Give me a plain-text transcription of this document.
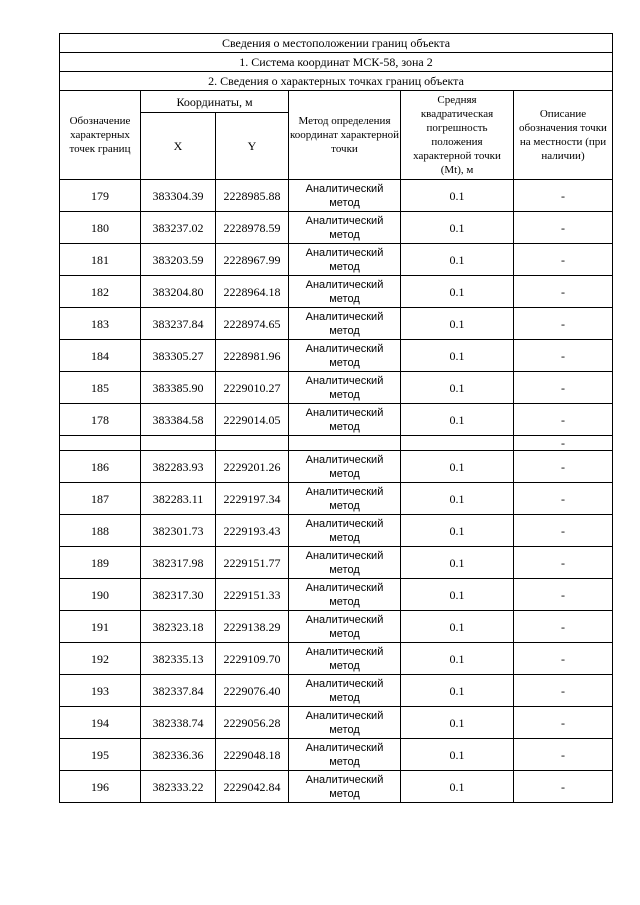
Сведения о местоположении границ объекта					
1. Система координат МСК-58, зона 2					
2. Сведения о характерных точках границ объекта					
Обозначение характерных точек границ	Координаты, м		Метод определения координат характерной точки	Средняя квадратическая погрешность положения характерной точки (Mt), м	Описание обозначения точки на местности (при наличии)
	X	Y			
179	383304.39	2228985.88	Аналитический метод	0.1	-
180	383237.02	2228978.59	Аналитический метод	0.1	-
181	383203.59	2228967.99	Аналитический метод	0.1	-
182	383204.80	2228964.18	Аналитический метод	0.1	-
183	383237.84	2228974.65	Аналитический метод	0.1	-
184	383305.27	2228981.96	Аналитический метод	0.1	-
185	383385.90	2229010.27	Аналитический метод	0.1	-
178	383384.58	2229014.05	Аналитический метод	0.1	-
					-
186	382283.93	2229201.26	Аналитический метод	0.1	-
187	382283.11	2229197.34	Аналитический метод	0.1	-
188	382301.73	2229193.43	Аналитический метод	0.1	-
189	382317.98	2229151.77	Аналитический метод	0.1	-
190	382317.30	2229151.33	Аналитический метод	0.1	-
191	382323.18	2229138.29	Аналитический метод	0.1	-
192	382335.13	2229109.70	Аналитический метод	0.1	-
193	382337.84	2229076.40	Аналитический метод	0.1	-
194	382338.74	2229056.28	Аналитический метод	0.1	-
195	382336.36	2229048.18	Аналитический метод	0.1	-
196	382333.22	2229042.84	Аналитический метод	0.1	-
